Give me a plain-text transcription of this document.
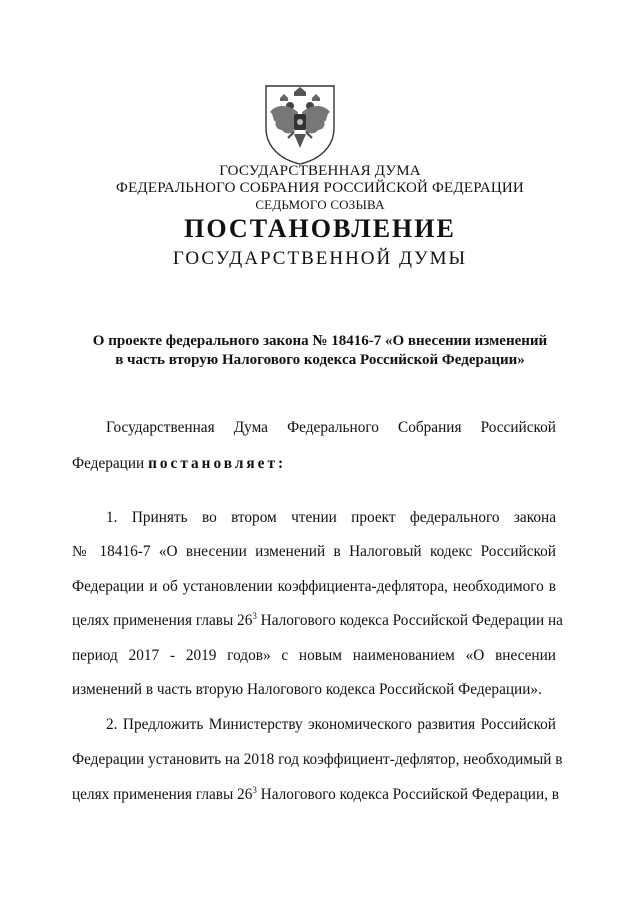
ГОСУДАРСТВЕННАЯ ДУМА
ФЕДЕРАЛЬНОГО СОБРАНИЯ РОССИЙСКОЙ ФЕДЕРАЦИИ
СЕДЬМОГО СОЗЫВА
ПОСТАНОВЛЕНИЕ
ГОСУДАРСТВЕННОЙ ДУМЫ
О проекте федерального закона № 18416-7 «О внесении изменений
в часть вторую Налогового кодекса Российской Федерации»
Государственная Дума Федерального Собрания Российской
Федерации постановляет:
1. Принять во втором чтении проект федерального закона
№ 18416-7 «О внесении изменений в Налоговый кодекс Российской
Федерации и об установлении коэффициента-дефлятора, необходимого в
целях применения главы $26^3$ Налогового кодекса Российской Федерации на
период 2017 - 2019 годов» с новым наименованием «О внесении
изменений в часть вторую Налогового кодекса Российской Федерации».
2. Предложить Министерству экономического развития Российской
Федерации установить на 2018 год коэффициент-дефлятор, необходимый в
целях применения главы $26^3$ Налогового кодекса Российской Федерации, в
